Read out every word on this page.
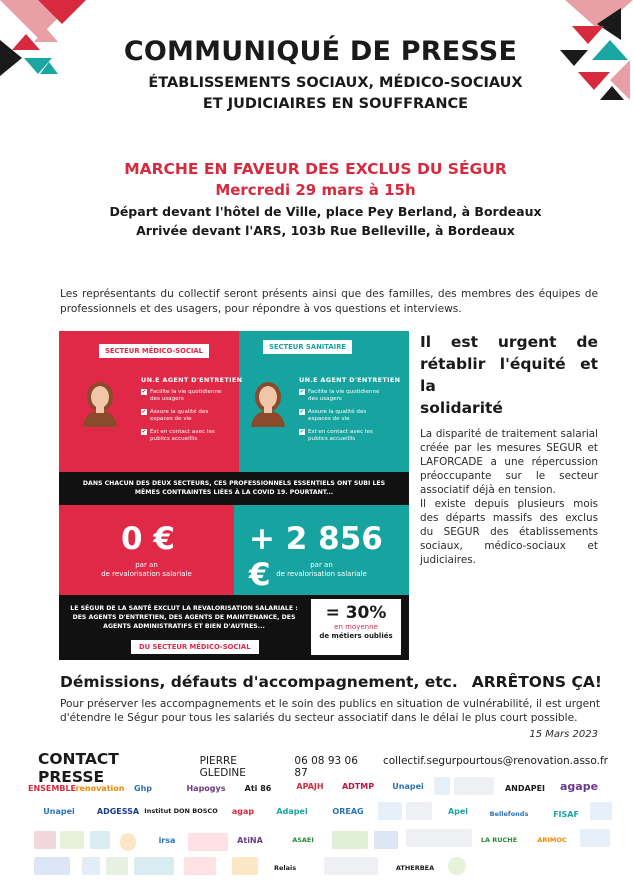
COMMUNIQUÉ DE PRESSE
ÉTABLISSEMENTS SOCIAUX, MÉDICO-SOCIAUX
ET JUDICIAIRES EN SOUFFRANCE
MARCHE EN FAVEUR DES EXCLUS DU SÉGUR
Mercredi 29 mars à 15h
Départ devant l'hôtel de Ville, place Pey Berland, à Bordeaux
Arrivée devant l'ARS, 103b Rue Belleville, à Bordeaux
Les représentants du collectif seront présents ainsi que des familles, des membres des équipes de professionnels et des usagers, pour répondre à vos questions et interviews.
SECTEUR MÉDICO-SOCIAL	SECTEUR SANITAIRE
UN.E AGENT D'ENTRETIEN
✔ Facilite la vie quotidienne des usagers
✔ Assure la qualité des espaces de vie
✔ Est en contact avec les publics accueillis
UN.E AGENT D'ENTRETIEN
✔ Facilite la vie quotidienne des usagers
✔ Assure la qualité des espaces de vie
✔ Est en contact avec les publics accueillis
DANS CHACUN DES DEUX SECTEURS, CES PROFESSIONNELS ESSENTIELS ONT SUBI LES MÊMES CONTRAINTES LIÉES À LA COVID 19. POURTANT...
0 €
par an
de revalorisation salariale
+ 2 856 €	par an
de revalorisation salariale
LE SÉGUR DE LA SANTÉ EXCLUT LA REVALORISATION SALARIALE : DES AGENTS D'ENTRETIEN, DES AGENTS DE MAINTENANCE, DES AGENTS ADMINISTRATIFS ET BIEN D'AUTRES...
DU SECTEUR MÉDICO-SOCIAL
= 30%
en moyenne
de métiers oubliés
Il est urgent de
rétablir l'équité et la
solidarité
La disparité de traitement salarial créée par les mesures SEGUR et LAFORCADE a une répercussion préoccupante sur le secteur associatif déjà en tension.
Il existe depuis plusieurs mois des départs massifs des exclus du SEGUR des établissements sociaux, médico-sociaux et judiciaires.
Démissions, défauts d'accompagnement, etc. ARRÊTONS ÇA!
Pour préserver les accompagnements et le soin des publics en situation de vulnérabilité, il est urgent d'étendre le Ségur pour tous les salariés du secteur associatif dans le délai le plus court possible.
15 Mars 2023
CONTACT PRESSE
PIERRE GLEDINE
06 08 93 06 87
collectif.segurpourtous@renovation.asso.fr
ENSEMBLE renovation	Ghp	Hapogys	Ati 86	APAJH	ADTMP	Unapei	ANDAPEI	agape
Unapei	ADGESSA Institut DON BOSCO	agap	Adapei	OREAG	Apei	Bellefonds	FISAF
irsa	AtiNA	ASAEI	LA RUCHE	ARIMOC
Relais	ATHERBEA
